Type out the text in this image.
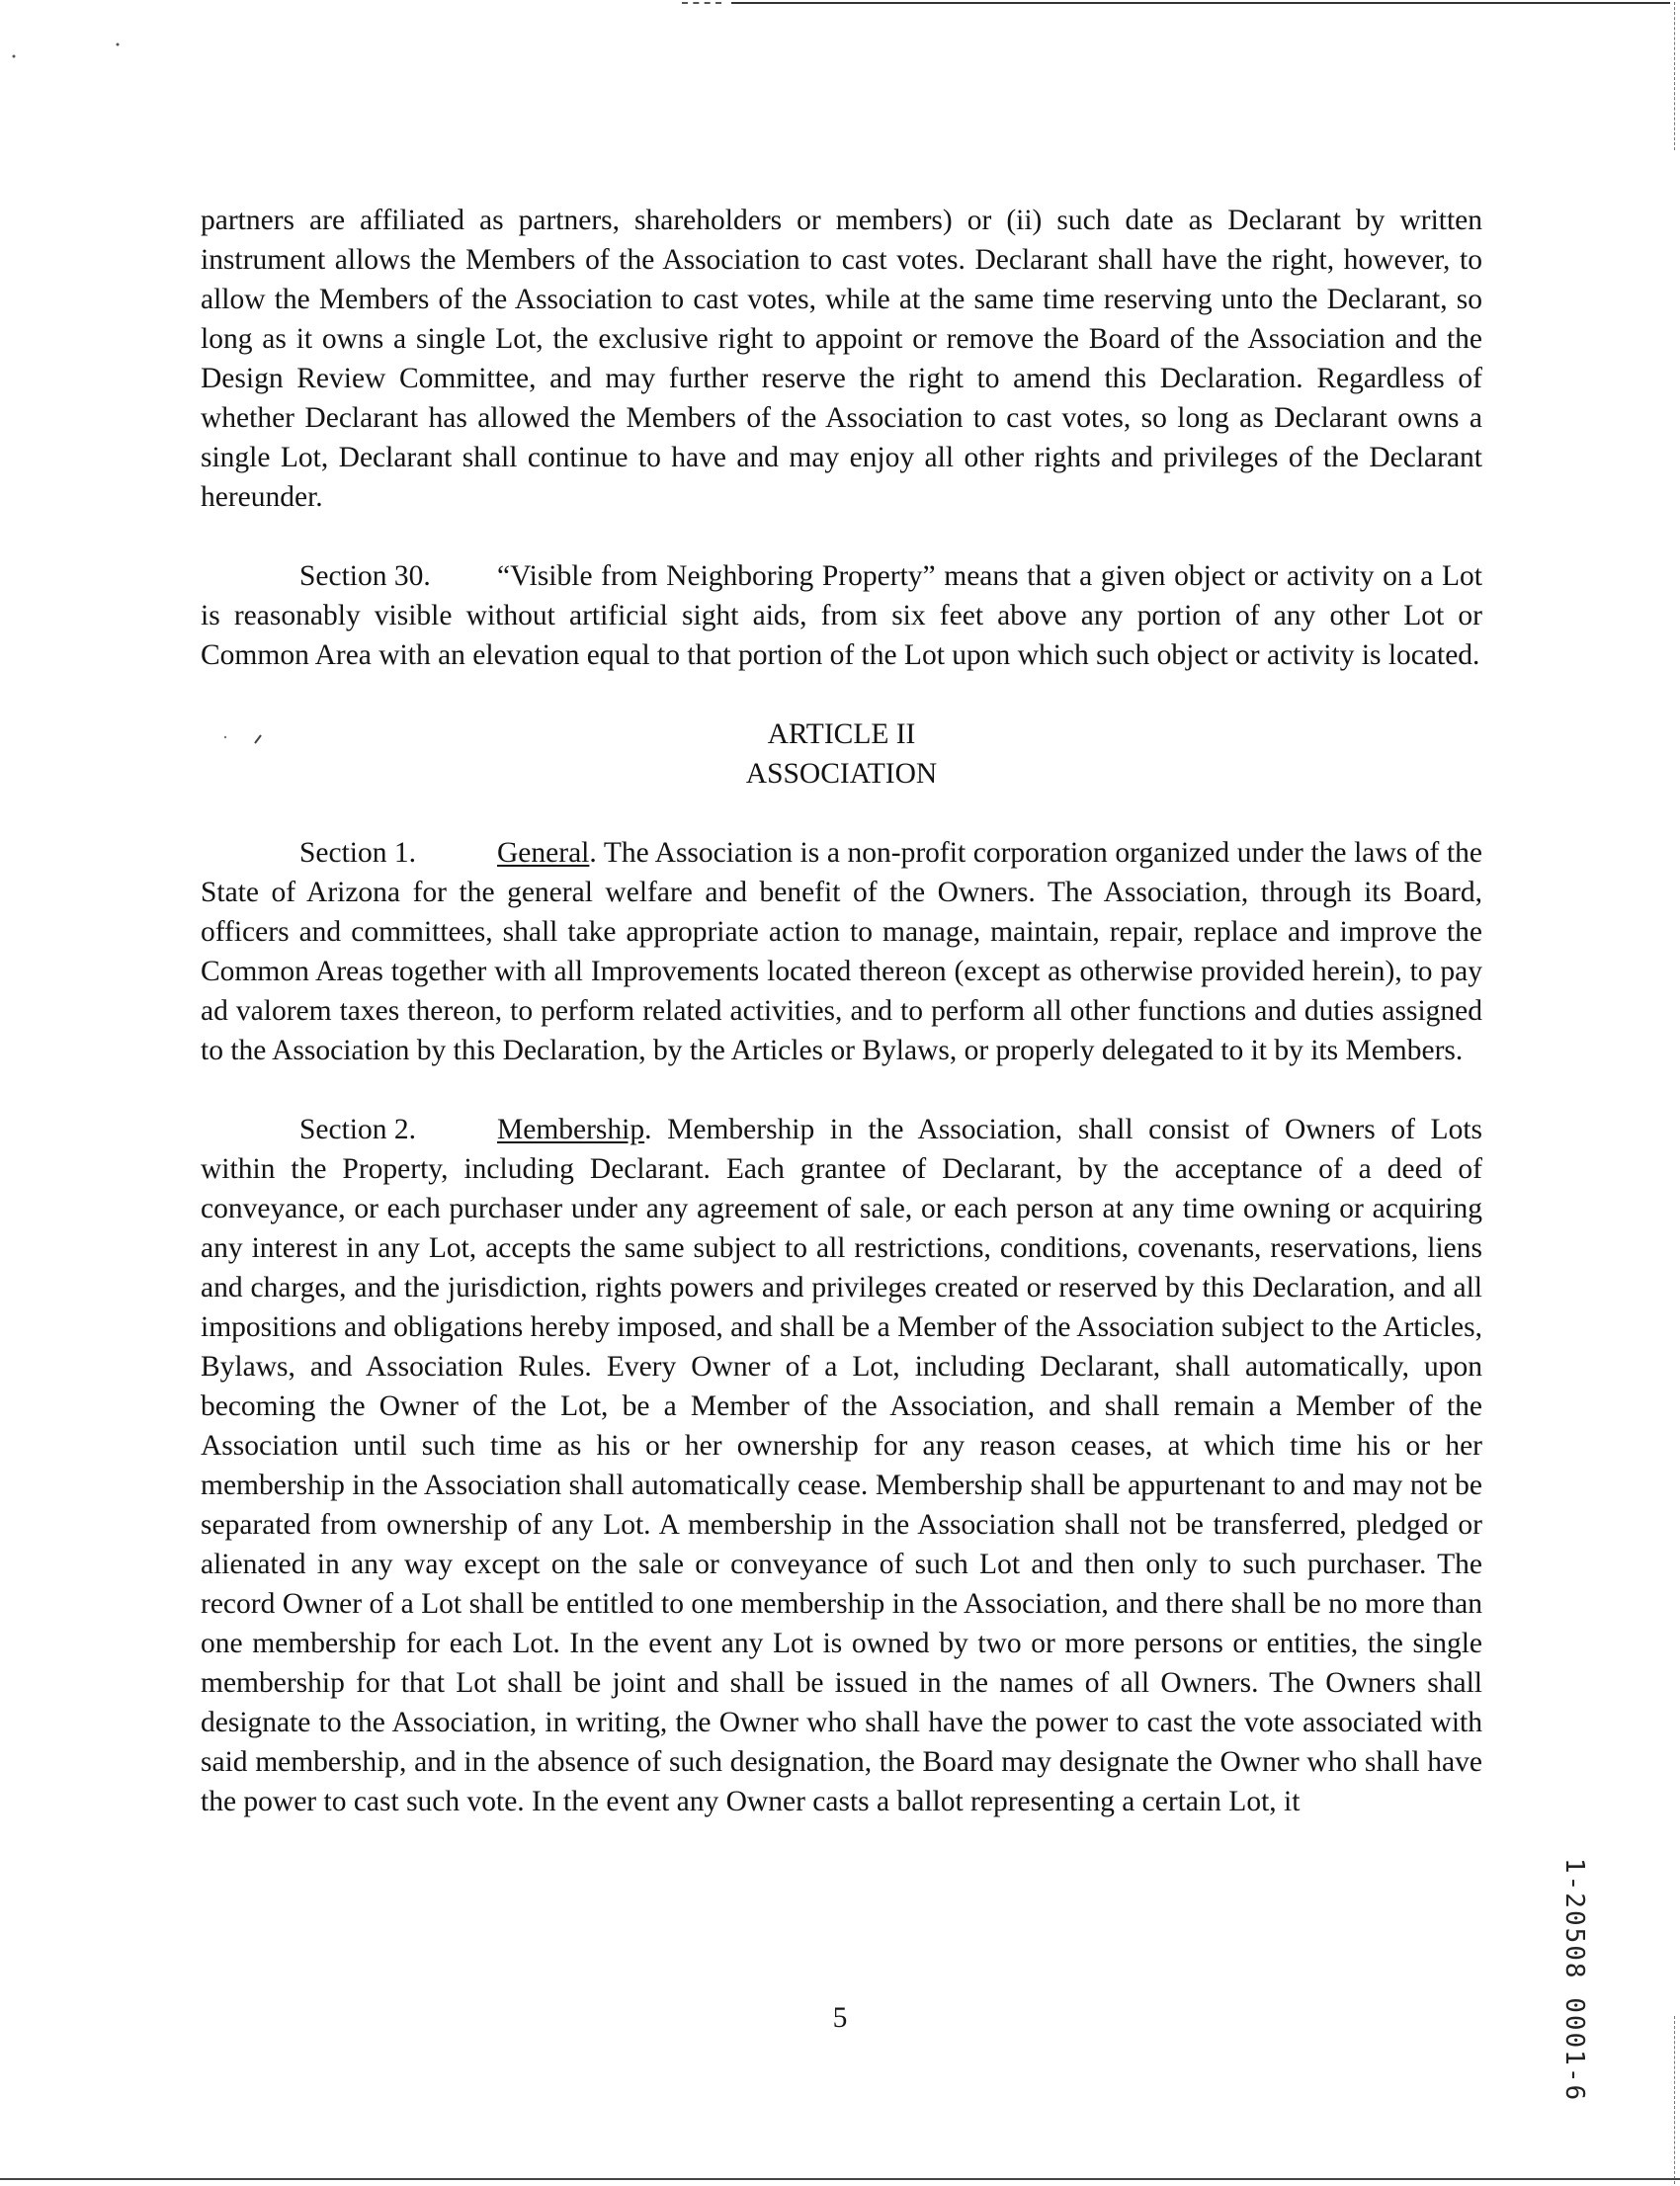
partners are affiliated as partners, shareholders or members) or (ii) such date as Declarant by written instrument allows the Members of the Association to cast votes. Declarant shall have the right, however, to allow the Members of the Association to cast votes, while at the same time reserving unto the Declarant, so long as it owns a single Lot, the exclusive right to appoint or remove the Board of the Association and the Design Review Committee, and may further reserve the right to amend this Declaration. Regardless of whether Declarant has allowed the Members of the Association to cast votes, so long as Declarant owns a single Lot, Declarant shall continue to have and may enjoy all other rights and privileges of the Declarant hereunder.

Section 30. “Visible from Neighboring Property” means that a given object or activity on a Lot is reasonably visible without artificial sight aids, from six feet above any portion of any other Lot or Common Area with an elevation equal to that portion of the Lot upon which such object or activity is located.

ARTICLE II

ASSOCIATION

Section 1.	General. The Association is a non-profit corporation organized under the laws of the State of Arizona for the general welfare and benefit of the Owners. The Association, through its Board, officers and committees, shall take appropriate action to manage, maintain, repair, replace and improve the Common Areas together with all Improvements located thereon (except as otherwise provided herein), to pay ad valorem taxes thereon, to perform related activities, and to perform all other functions and duties assigned to the Association by this Declaration, by the Articles or Bylaws, or properly delegated to it by its Members.

Section 2.	Membership. Membership in the Association, shall consist of Owners of Lots within the Property, including Declarant. Each grantee of Declarant, by the acceptance of a deed of conveyance, or each purchaser under any agreement of sale, or each person at any time owning or acquiring any interest in any Lot, accepts the same subject to all restrictions, conditions, covenants, reservations, liens and charges, and the jurisdiction, rights powers and privileges created or reserved by this Declaration, and all impositions and obligations hereby imposed, and shall be a Member of the Association subject to the Articles, Bylaws, and Association Rules. Every Owner of a Lot, including Declarant, shall automatically, upon becoming the Owner of the Lot, be a Member of the Association, and shall remain a Member of the Association until such time as his or her ownership for any reason ceases, at which time his or her membership in the Association shall automatically cease. Membership shall be appurtenant to and may not be separated from ownership of any Lot. A membership in the Association shall not be transferred, pledged or alienated in any way except on the sale or conveyance of such Lot and then only to such purchaser. The record Owner of a Lot shall be entitled to one membership in the Association, and there shall be no more than one membership for each Lot. In the event any Lot is owned by two or more persons or entities, the single membership for that Lot shall be joint and shall be issued in the names of all Owners. The Owners shall designate to the Association, in writing, the Owner who shall have the power to cast the vote associated with said membership, and in the absence of such designation, the Board may designate the Owner who shall have the power to cast such vote. In the event any Owner casts a ballot representing a certain Lot, it

5	1-20508 0001-6
